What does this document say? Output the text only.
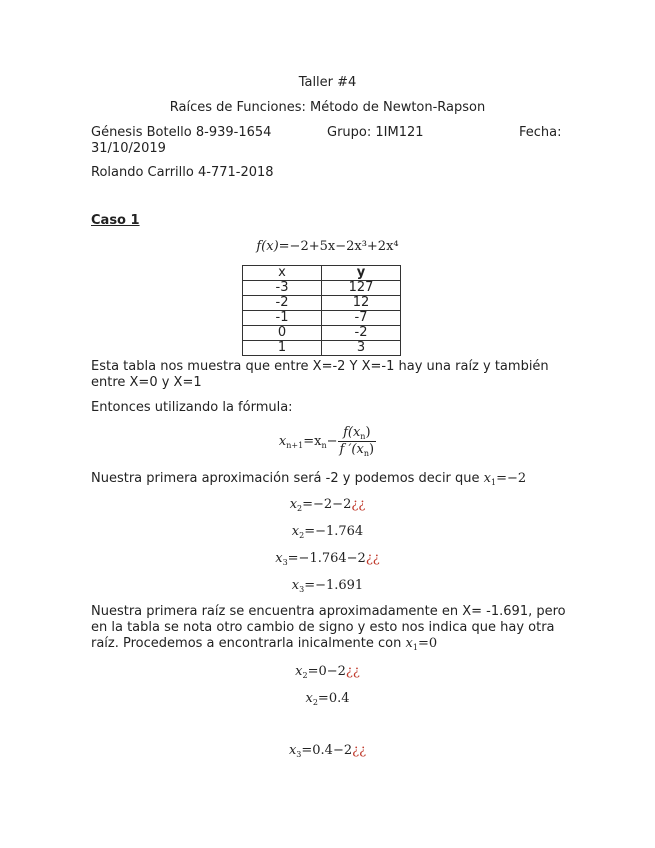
Taller #4
Raíces de Funciones: Método de Newton-Rapson
Génesis Botello 8-939-1654	Grupo: 1IM121	Fecha:
31/10/2019
Rolando Carrillo 4-771-2018
Caso 1
f(x)=−2+5x−2x³+2x⁴
x	y
-3	127
-2	12
-1	-7
0	-2
1	3
Esta tabla nos muestra que entre X=-2 Y X=-1 hay una raíz y también
entre X=0 y X=1
Entonces utilizando la fórmula:
$x_{n+1}=x_n- \frac{f(x_n)}{f '(x_n)}$
Nuestra primera aproximación será -2 y podemos decir que $x_1=-2$
$x_2=-2-2¿¿$
$x_2=-1.764$
$x_3=-1.764-2¿¿$
$x_3=-1.691$
Nuestra primera raíz se encuentra aproximadamente en X= -1.691, pero
en la tabla se nota otro cambio de signo y esto nos indica que hay otra
raíz. Procedemos a encontrarla inicalmente con $x_1=0$
$x_2=0-2¿¿$
$x_2=0.4$
$x_3=0.4-2¿¿$
